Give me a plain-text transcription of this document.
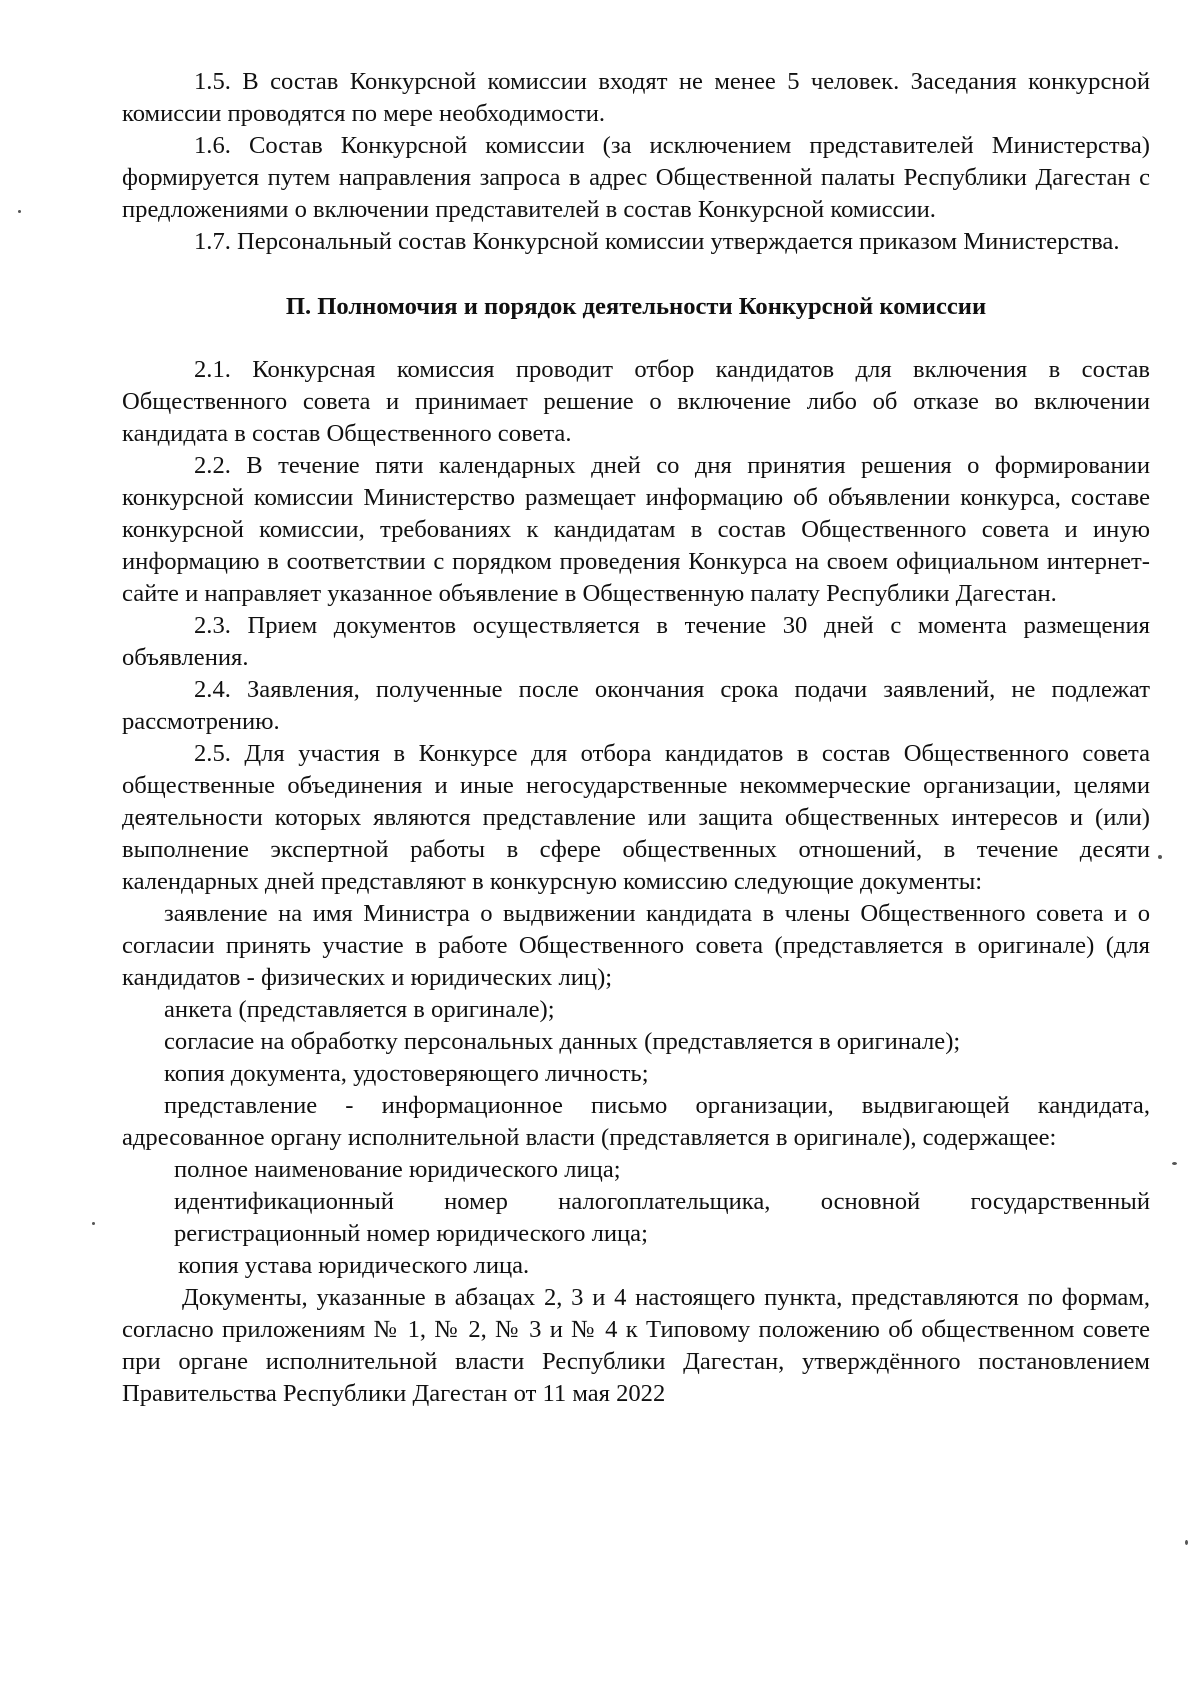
1.5. В состав Конкурсной комиссии входят не менее 5 человек. Заседания конкурсной комиссии проводятся по мере необходимости.

1.6. Состав Конкурсной комиссии (за исключением представителей Министерства) формируется путем направления запроса в адрес Общественной палаты Республики Дагестан с предложениями о включении представителей в состав Конкурсной комиссии.

1.7. Персональный состав Конкурсной комиссии утверждается приказом Министерства.

П. Полномочия и порядок деятельности Конкурсной комиссии

2.1. Конкурсная комиссия проводит отбор кандидатов для включения в состав Общественного совета и принимает решение о включение либо об отказе во включении кандидата в состав Общественного совета.

2.2. В течение пяти календарных дней со дня принятия решения о формировании конкурсной комиссии Министерство размещает информацию об объявлении конкурса, составе конкурсной комиссии, требованиях к кандидатам в состав Общественного совета и иную информацию в соответствии с порядком проведения Конкурса на своем официальном интернет-сайте и направляет указанное объявление в Общественную палату Республики Дагестан.

2.3. Прием документов осуществляется в течение 30 дней с момента размещения объявления.

2.4. Заявления, полученные после окончания срока подачи заявлений, не подлежат рассмотрению.

2.5. Для участия в Конкурсе для отбора кандидатов в состав Общественного совета общественные объединения и иные негосударственные некоммерческие организации, целями деятельности которых являются представление или защита общественных интересов и (или) выполнение экспертной работы в сфере общественных отношений, в течение десяти календарных дней представляют в конкурсную комиссию следующие документы:

заявление на имя Министра о выдвижении кандидата в члены Общественного совета и о согласии принять участие в работе Общественного совета (представляется в оригинале) (для кандидатов - физических и юридических лиц);

анкета (представляется в оригинале);

согласие на обработку персональных данных (представляется в оригинале);

копия документа, удостоверяющего личность;

представление - информационное письмо организации, выдвигающей кандидата, адресованное органу исполнительной власти (представляется в оригинале), содержащее:

полное наименование юридического лица;

идентификационный номер налогоплательщика, основной государственный регистрационный номер юридического лица;

копия устава юридического лица.

Документы, указанные в абзацах 2, 3 и 4 настоящего пункта, представляются по формам, согласно приложениям № 1, № 2, № 3 и № 4 к Типовому положению об общественном совете при органе исполнительной власти Республики Дагестан, утверждённого постановлением Правительства Республики Дагестан от 11 мая 2022
